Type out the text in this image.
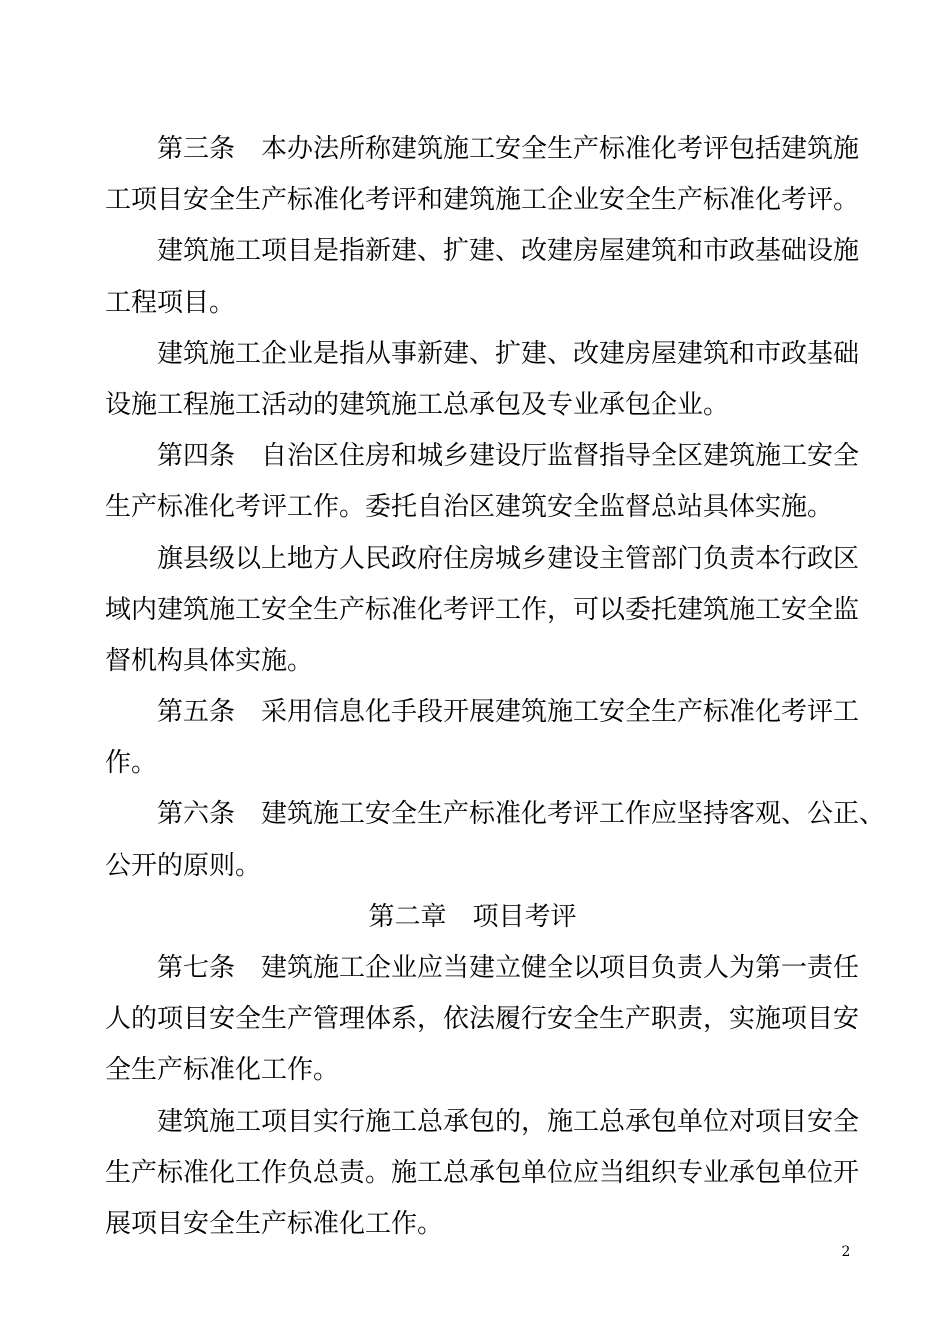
第三条　本办法所称建筑施工安全生产标准化考评包括建筑施
工项目安全生产标准化考评和建筑施工企业安全生产标准化考评。
建筑施工项目是指新建、扩建、改建房屋建筑和市政基础设施
工程项目。
建筑施工企业是指从事新建、扩建、改建房屋建筑和市政基础
设施工程施工活动的建筑施工总承包及专业承包企业。
第四条　自治区住房和城乡建设厅监督指导全区建筑施工安全
生产标准化考评工作。委托自治区建筑安全监督总站具体实施。
旗县级以上地方人民政府住房城乡建设主管部门负责本行政区
域内建筑施工安全生产标准化考评工作，可以委托建筑施工安全监
督机构具体实施。
第五条　采用信息化手段开展建筑施工安全生产标准化考评工
作。
第六条　建筑施工安全生产标准化考评工作应坚持客观、公正、
公开的原则。
第二章　项目考评
第七条　建筑施工企业应当建立健全以项目负责人为第一责任
人的项目安全生产管理体系，依法履行安全生产职责，实施项目安
全生产标准化工作。
建筑施工项目实行施工总承包的，施工总承包单位对项目安全
生产标准化工作负总责。施工总承包单位应当组织专业承包单位开
展项目安全生产标准化工作。
2
